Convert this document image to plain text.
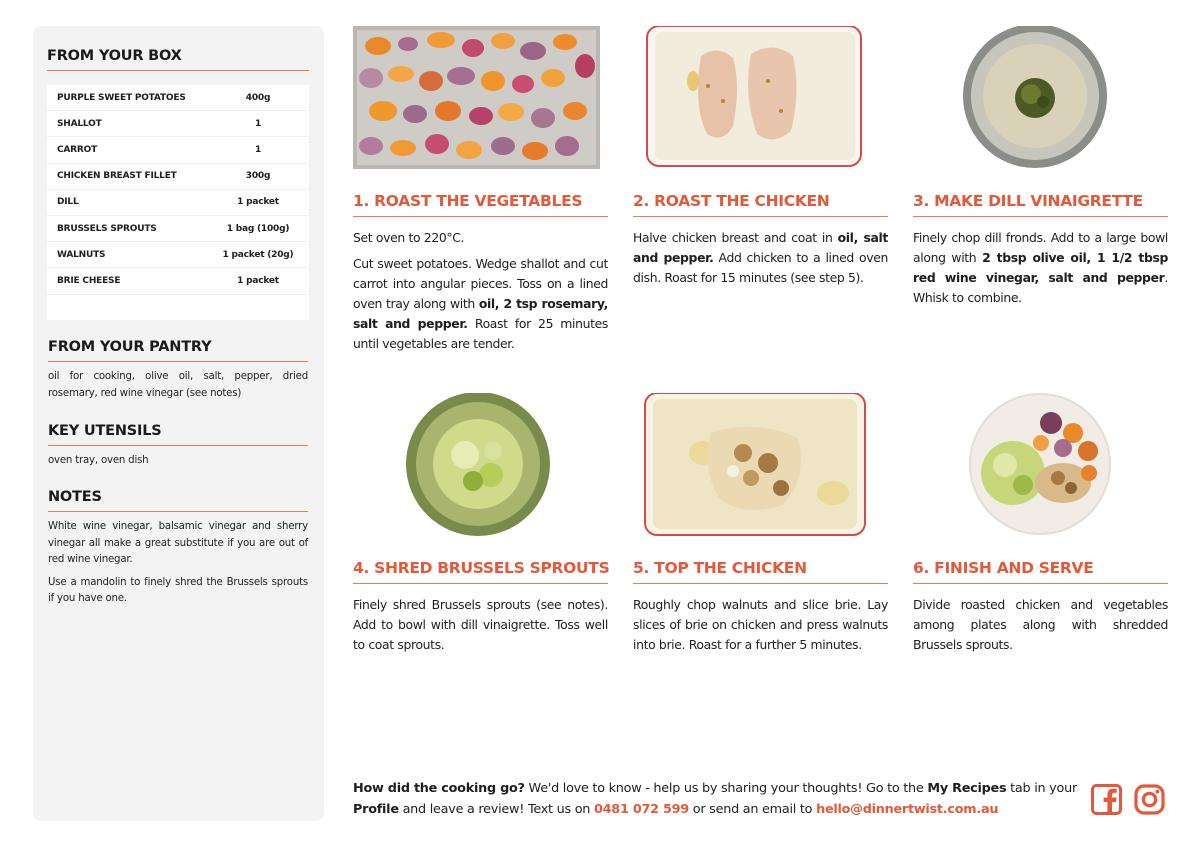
FROM YOUR BOX
PURPLE SWEET POTATOES	400g
SHALLOT	1
CARROT	1
CHICKEN BREAST FILLET	300g
DILL	1 packet
BRUSSELS SPROUTS	1 bag (100g)
WALNUTS	1 packet (20g)
BRIE CHEESE	1 packet
FROM YOUR PANTRY
oil for cooking, olive oil, salt, pepper, dried rosemary, red wine vinegar (see notes)
KEY UTENSILS
oven tray, oven dish
NOTES
White wine vinegar, balsamic vinegar and sherry vinegar all make a great substitute if you are out of red wine vinegar.
Use a mandolin to finely shred the Brussels sprouts if you have one.
1. ROAST THE VEGETABLES

Set oven to 220°C.

Cut sweet potatoes. Wedge shallot and cut carrot into angular pieces. Toss on a lined oven tray along with oil, 2 tsp rosemary, salt and pepper. Roast for 25 minutes until vegetables are tender.

2. ROAST THE CHICKEN

Halve chicken breast and coat in oil, salt and pepper. Add chicken to a lined oven dish. Roast for 15 minutes (see step 5).

3. MAKE DILL VINAIGRETTE

Finely chop dill fronds. Add to a large bowl along with 2 tbsp olive oil, 1 1/2 tbsp red wine vinegar, salt and pepper. Whisk to combine.

4. SHRED BRUSSELS SPROUTS

Finely shred Brussels sprouts (see notes). Add to bowl with dill vinaigrette. Toss well to coat sprouts.

5. TOP THE CHICKEN

Roughly chop walnuts and slice brie. Lay slices of brie on chicken and press walnuts into brie. Roast for a further 5 minutes.

6. FINISH AND SERVE

Divide roasted chicken and vegetables among plates along with shredded Brussels sprouts.

How did the cooking go? We'd love to know - help us by sharing your thoughts! Go to the My Recipes tab in your Profile and leave a review! Text us on 0481 072 599 or send an email to hello@dinnertwist.com.au
